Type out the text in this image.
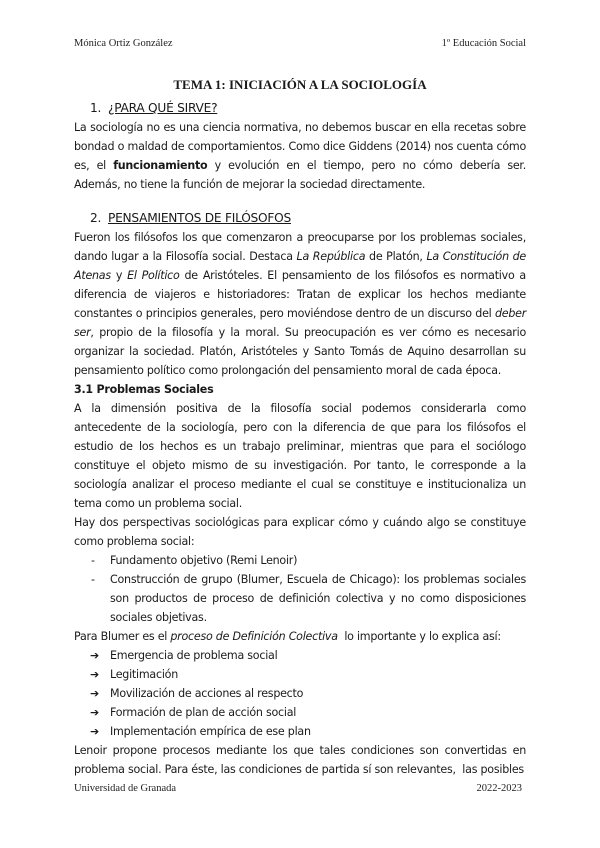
Mónica Ortiz González	1º Educación Social
TEMA 1: INICIACIÓN A LA SOCIOLOGÍA
1. ¿PARA QUÉ SIRVE?

La sociología no es una ciencia normativa, no debemos buscar en ella recetas sobre bondad o maldad de comportamientos. Como dice Giddens (2014) nos cuenta cómo es, el funcionamiento y evolución en el tiempo, pero no cómo debería ser. Además, no tiene la función de mejorar la sociedad directamente.

2. PENSAMIENTOS DE FILÓSOFOS

Fueron los filósofos los que comenzaron a preocuparse por los problemas sociales, dando lugar a la Filosofía social. Destaca La República de Platón, La Constitución de Atenas y El Político de Aristóteles. El pensamiento de los filósofos es normativo a diferencia de viajeros e historiadores: Tratan de explicar los hechos mediante constantes o principios generales, pero moviéndose dentro de un discurso del deber ser, propio de la filosofía y la moral. Su preocupación es ver cómo es necesario organizar la sociedad. Platón, Aristóteles y Santo Tomás de Aquino desarrollan su pensamiento político como prolongación del pensamiento moral de cada época.

3.1 Problemas Sociales

A la dimensión positiva de la filosofía social podemos considerarla como antecedente de la sociología, pero con la diferencia de que para los filósofos el estudio de los hechos es un trabajo preliminar, mientras que para el sociólogo constituye el objeto mismo de su investigación. Por tanto, le corresponde a la sociología analizar el proceso mediante el cual se constituye e institucionaliza un tema como un problema social.

Hay dos perspectivas sociológicas para explicar cómo y cuándo algo se constituye como problema social:

- Fundamento objetivo (Remi Lenoir)
- Construcción de grupo (Blumer, Escuela de Chicago): los problemas sociales son productos de proceso de definición colectiva y no como disposiciones sociales objetivas.

Para Blumer es el proceso de Definición Colectiva  lo importante y lo explica así:

➔ Emergencia de problema social
➔ Legitimación
➔ Movilización de acciones al respecto
➔ Formación de plan de acción social
➔ Implementación empírica de ese plan

Lenoir propone procesos mediante los que tales condiciones son convertidas en problema social. Para éste, las condiciones de partida sí son relevantes,  las posibles

Universidad de Granada	2022-2023
